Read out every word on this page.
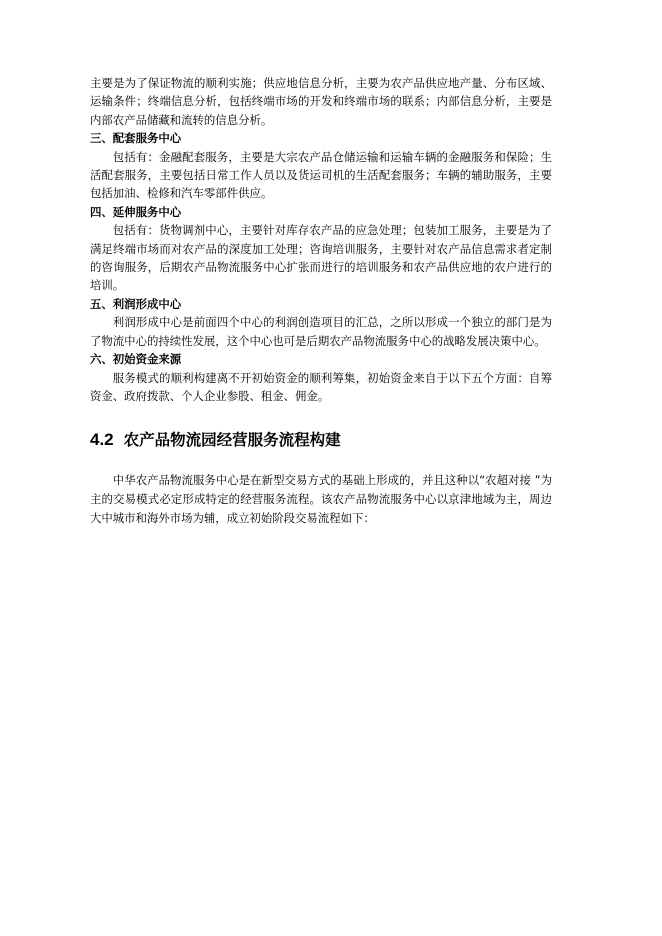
主要是为了保证物流的顺利实施；供应地信息分析，主要为农产品供应地产量、分布区域、运输条件；终端信息分析，包括终端市场的开发和终端市场的联系；内部信息分析，主要是内部农产品储藏和流转的信息分析。

三、配套服务中心

包括有：金融配套服务，主要是大宗农产品仓储运输和运输车辆的金融服务和保险；生活配套服务，主要包括日常工作人员以及货运司机的生活配套服务；车辆的辅助服务，主要包括加油、检修和汽车零部件供应。

四、延伸服务中心

包括有：货物调剂中心，主要针对库存农产品的应急处理；包装加工服务，主要是为了满足终端市场而对农产品的深度加工处理；咨询培训服务，主要针对农产品信息需求者定制的咨询服务，后期农产品物流服务中心扩张而进行的培训服务和农产品供应地的农户进行的培训。

五、利润形成中心

利润形成中心是前面四个中心的利润创造项目的汇总，之所以形成一个独立的部门是为了物流中心的持续性发展，这个中心也可是后期农产品物流服务中心的战略发展决策中心。

六、初始资金来源

服务模式的顺利构建离不开初始资金的顺利筹集，初始资金来自于以下五个方面：自筹资金、政府拨款、个人企业参股、租金、佣金。

4.2 农产品物流园经营服务流程构建

中华农产品物流服务中心是在新型交易方式的基础上形成的，并且这种以“农超对接 ”为主的交易模式必定形成特定的经营服务流程。该农产品物流服务中心以京津地域为主，周边大中城市和海外市场为辅，成立初始阶段交易流程如下：
